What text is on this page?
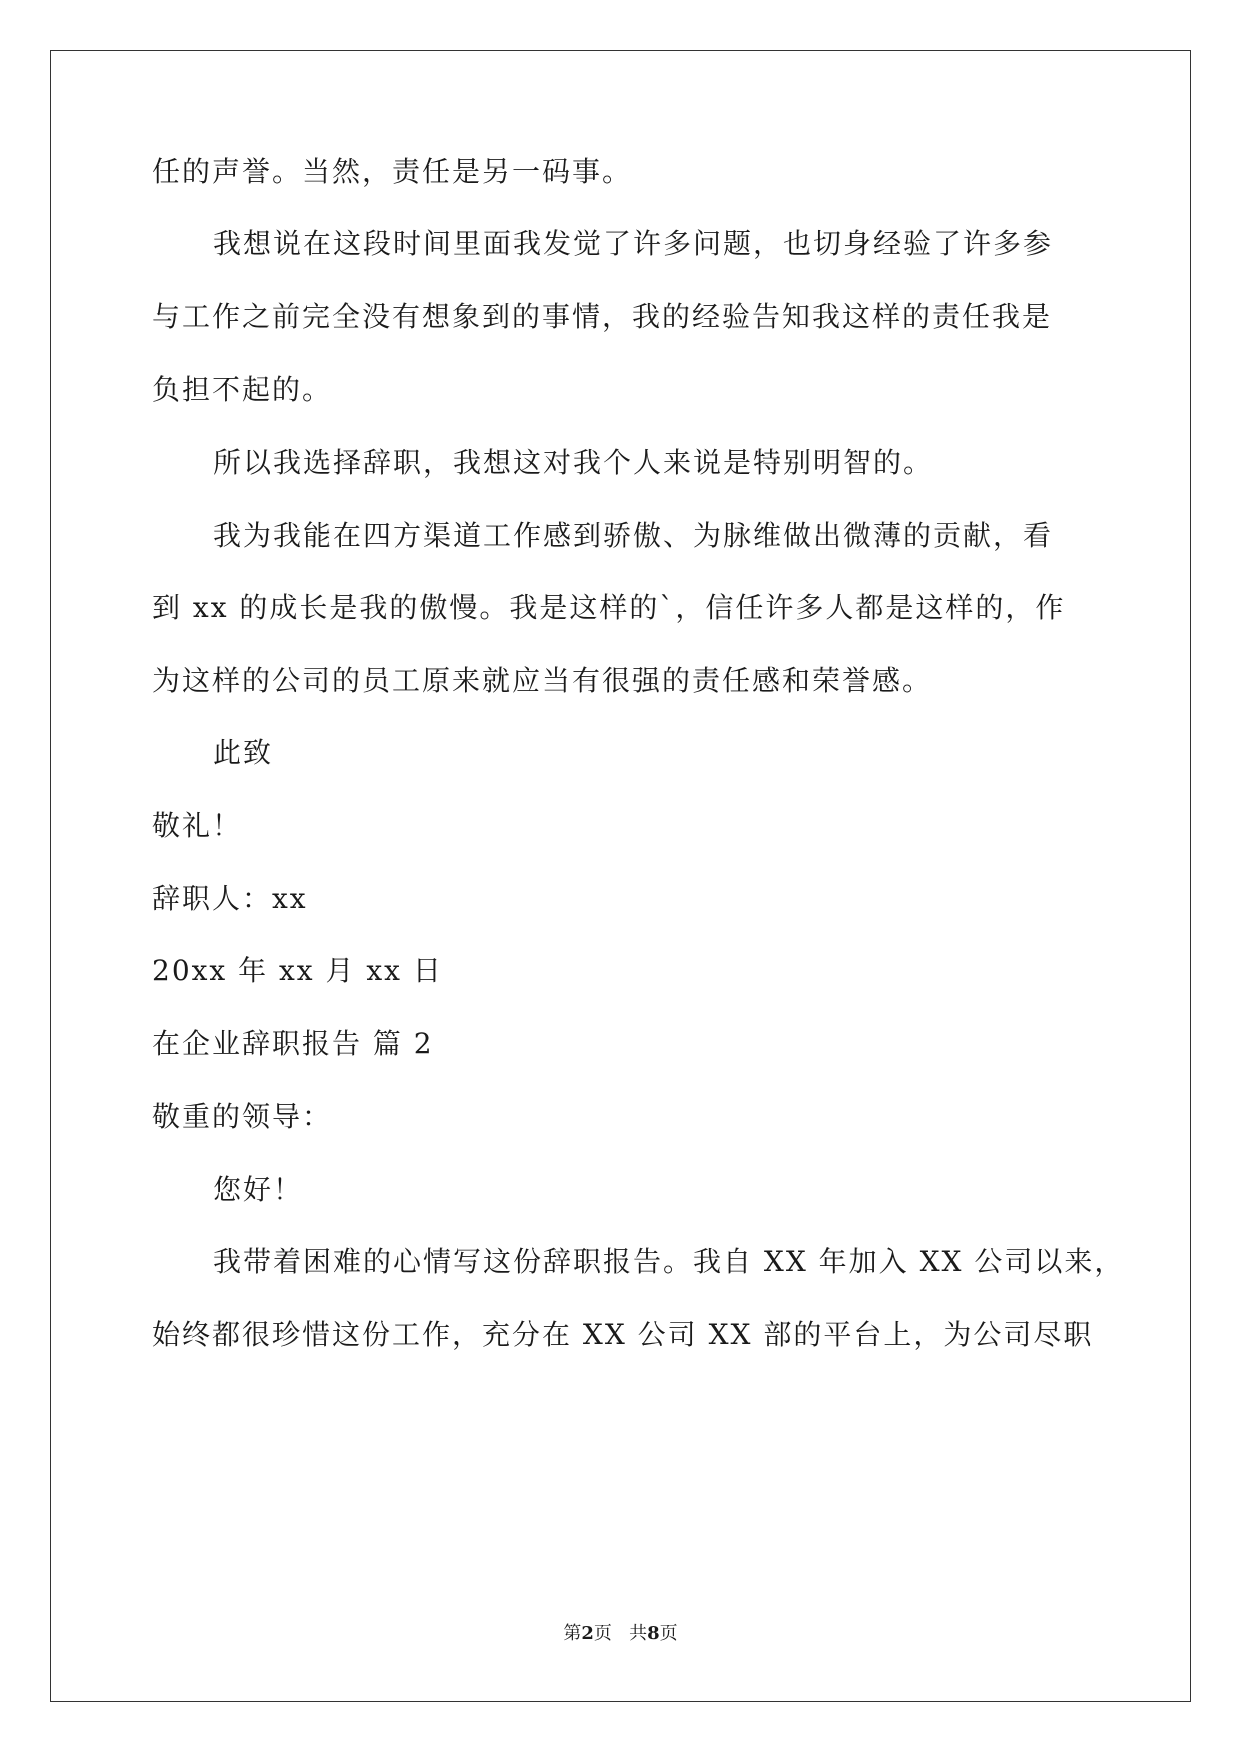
任的声誉。当然，责任是另一码事。
我想说在这段时间里面我发觉了许多问题，也切身经验了许多参
与工作之前完全没有想象到的事情，我的经验告知我这样的责任我是
负担不起的。
所以我选择辞职，我想这对我个人来说是特别明智的。
我为我能在四方渠道工作感到骄傲、为脉维做出微薄的贡献，看
到 xx 的成长是我的傲慢。我是这样的`，信任许多人都是这样的，作
为这样的公司的员工原来就应当有很强的责任感和荣誉感。
此致
敬礼！
辞职人：xx
20xx 年 xx 月 xx 日
在企业辞职报告 篇 2
敬重的领导：
您好！
我带着困难的心情写这份辞职报告。我自 XX 年加入 XX 公司以来，
始终都很珍惜这份工作，充分在 XX 公司 XX 部的平台上，为公司尽职
第2页   共8页
